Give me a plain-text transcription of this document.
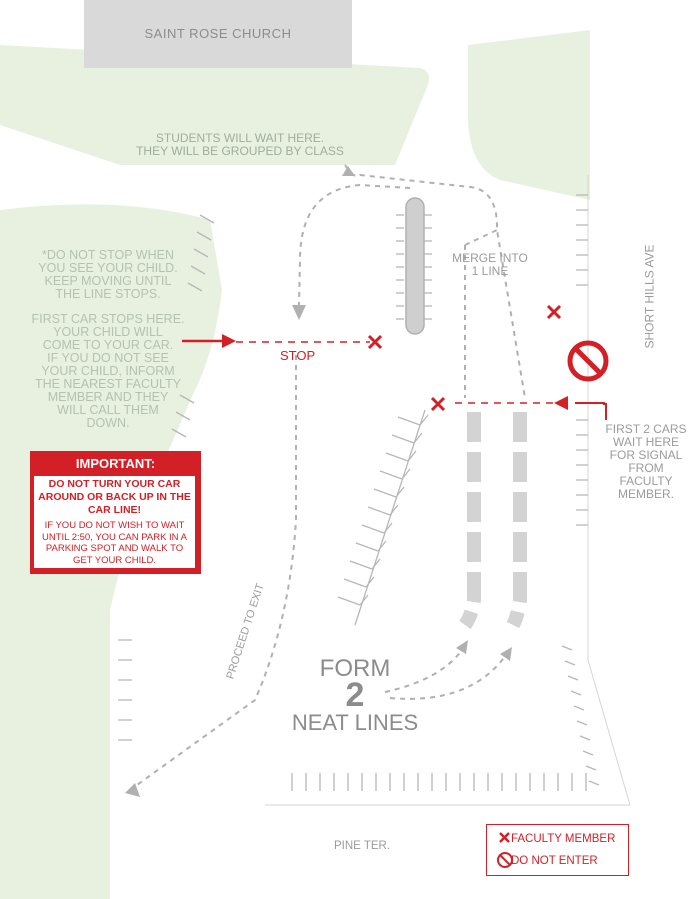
SAINT ROSE CHURCH
STUDENTS WILL WAIT HERE.
THEY WILL BE GROUPED BY CLASS
*DO NOT STOP WHEN
YOU SEE YOUR CHILD.
KEEP MOVING UNTIL
THE LINE STOPS.
FIRST CAR STOPS HERE.
YOUR CHILD WILL
COME TO YOUR CAR.
IF YOU DO NOT SEE
YOUR CHILD, INFORM
THE NEAREST FACULTY
MEMBER AND THEY
WILL CALL THEM
DOWN.
STOP
MERGE INTO
1 LINE	SHORT HILLS AVE
FIRST 2 CARS
WAIT HERE
FOR SIGNAL
FROM
FACULTY
MEMBER.
PROCEED TO EXIT	FORM
2
NEAT LINES
PINE TER.
IMPORTANT:
DO NOT TURN YOUR CAR AROUND OR BACK UP IN THE CAR LINE!
IF YOU DO NOT WISH TO WAIT UNTIL 2:50, YOU CAN PARK IN A PARKING SPOT AND WALK TO GET YOUR CHILD.
FACULTY MEMBER
DO NOT ENTER
